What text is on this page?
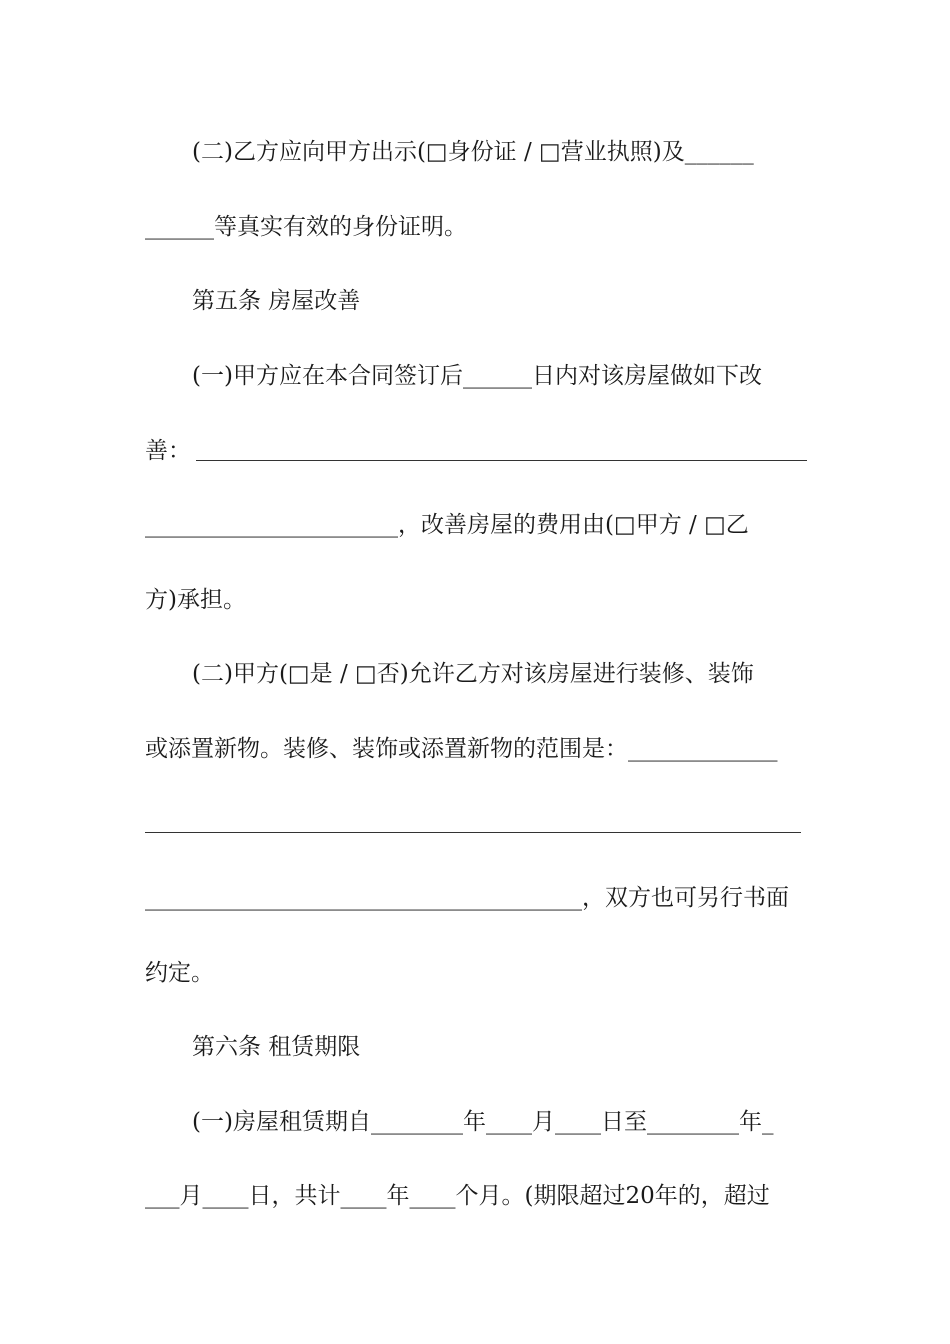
(二)乙方应向甲方出示(□身份证 / □营业执照)及______
______等真实有效的身份证明。
第五条 房屋改善
(一)甲方应在本合同签订后______日内对该房屋做如下改
善：
______________________，改善房屋的费用由(□甲方 / □乙
方)承担。
(二)甲方(□是 / □否)允许乙方对该房屋进行装修、装饰
或添置新物。装修、装饰或添置新物的范围是：_____________
______________________________________，双方也可另行书面
约定。
第六条 租赁期限
(一)房屋租赁期自________年____月____日至________年_
___月____日，共计____年____个月。(期限超过20年的，超过
